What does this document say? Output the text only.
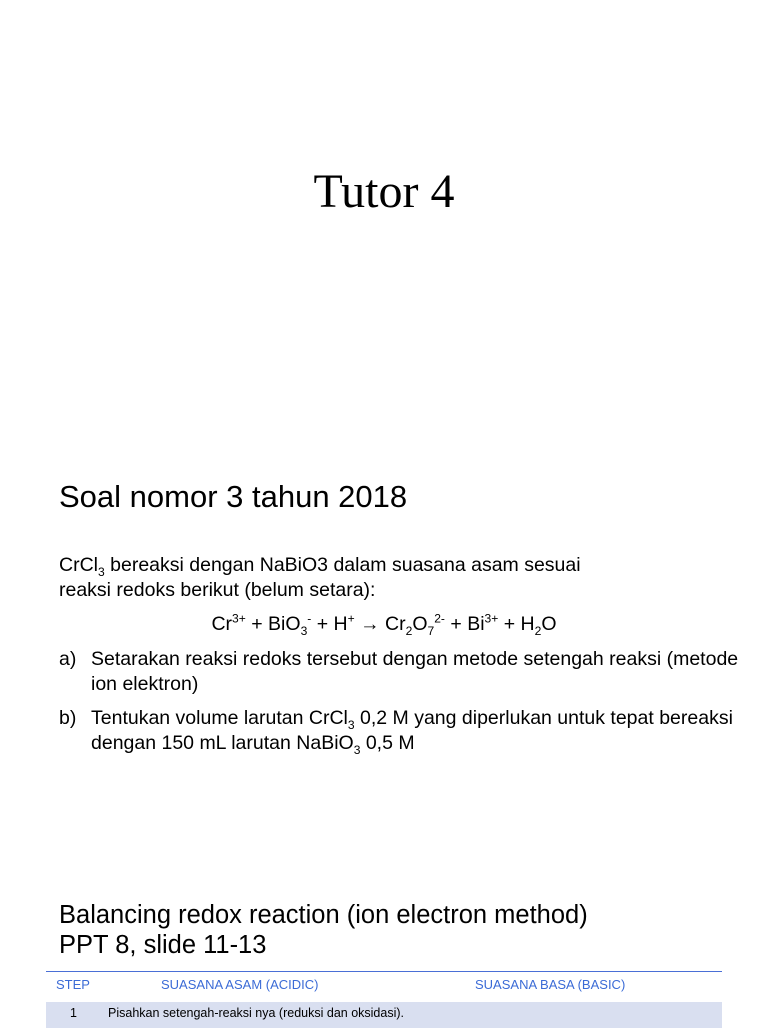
Tutor 4
Soal nomor 3 tahun 2018
CrCl$_3$ bereaksi dengan NaBiO3 dalam suasana asam sesuai
reaksi redoks berikut (belum setara):
$Cr^{3+} + BiO_3^- + H^+ \to Cr_2O_7^{2-} + Bi^{3+} + H_2O$
a) Setarakan reaksi redoks tersebut dengan metode setengah reaksi (metode ion elektron)
b) Tentukan volume larutan CrCl$_3$ 0,2 M yang diperlukan untuk tepat bereaksi dengan 150 mL larutan NaBiO$_3$ 0,5 M
Balancing redox reaction (ion electron method)
PPT 8, slide 11-13
STEP	SUASANA ASAM (ACIDIC)	SUASANA BASA (BASIC)
1 Pisahkan setengah-reaksi nya (reduksi dan oksidasi).
